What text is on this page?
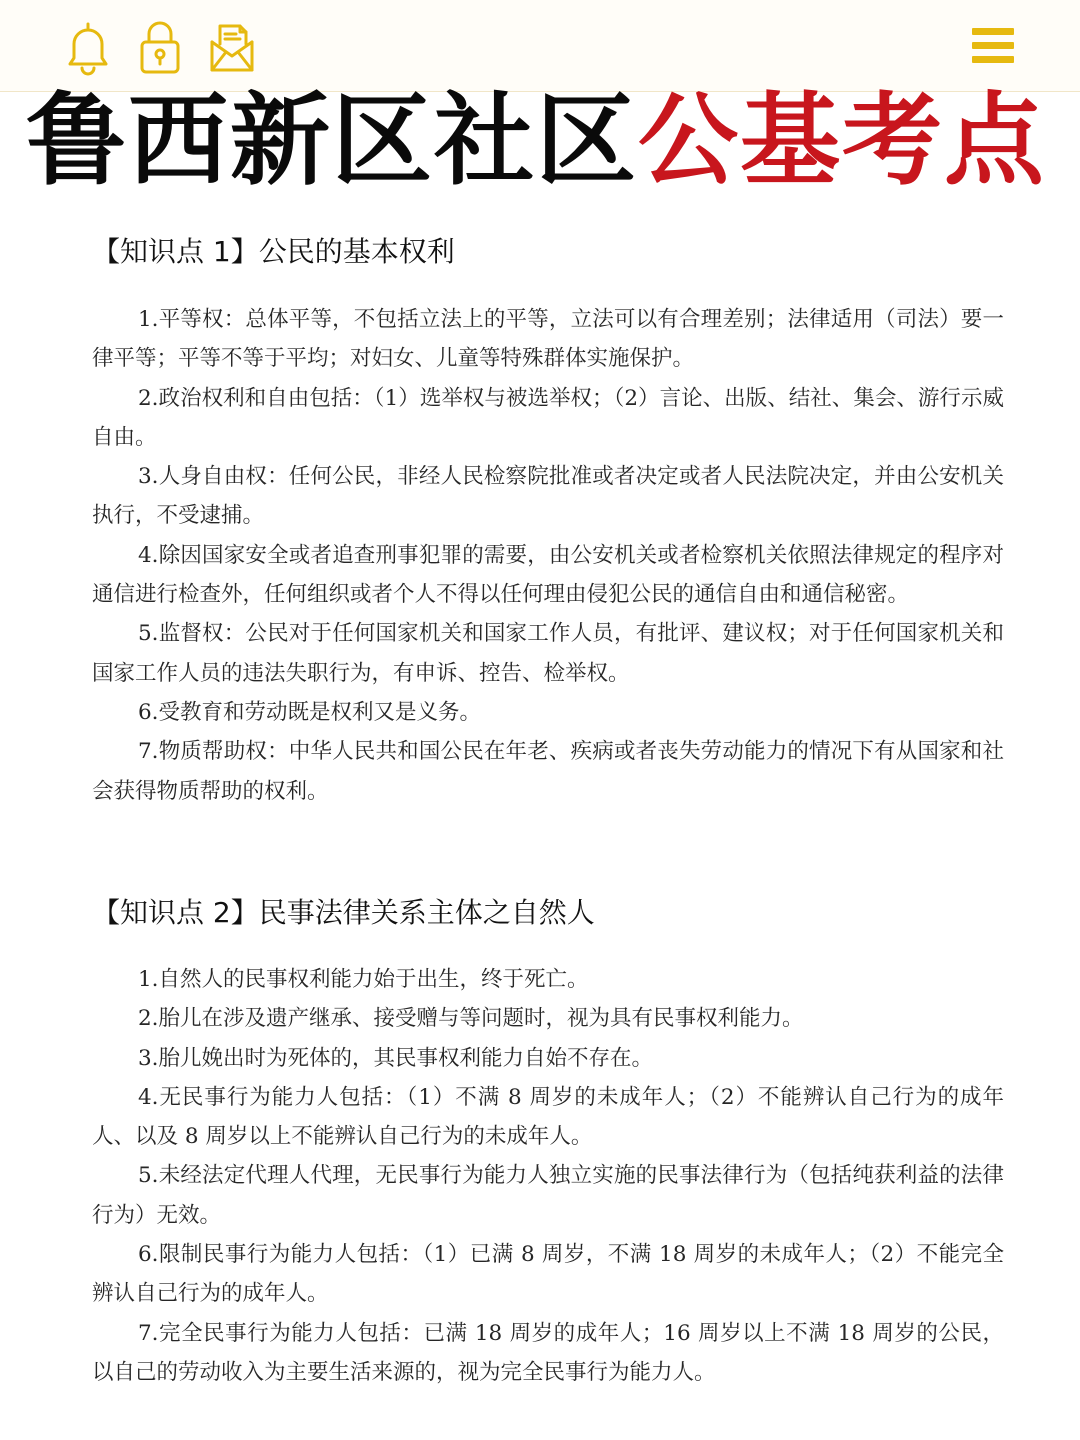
鲁西新区社区公基考点
【知识点 1】公民的基本权利

1.平等权：总体平等，不包括立法上的平等，立法可以有合理差别；法律适用（司法）要一律平等；平等不等于平均；对妇女、儿童等特殊群体实施保护。

2.政治权利和自由包括：（1）选举权与被选举权；（2）言论、出版、结社、集会、游行示威自由。

3.人身自由权：任何公民，非经人民检察院批准或者决定或者人民法院决定，并由公安机关执行，不受逮捕。

4.除因国家安全或者追查刑事犯罪的需要，由公安机关或者检察机关依照法律规定的程序对通信进行检查外，任何组织或者个人不得以任何理由侵犯公民的通信自由和通信秘密。

5.监督权：公民对于任何国家机关和国家工作人员，有批评、建议权；对于任何国家机关和国家工作人员的违法失职行为，有申诉、控告、检举权。

6.受教育和劳动既是权利又是义务。

7.物质帮助权：中华人民共和国公民在年老、疾病或者丧失劳动能力的情况下有从国家和社会获得物质帮助的权利。

【知识点 2】民事法律关系主体之自然人

1.自然人的民事权利能力始于出生，终于死亡。

2.胎儿在涉及遗产继承、接受赠与等问题时，视为具有民事权利能力。

3.胎儿娩出时为死体的，其民事权利能力自始不存在。

4.无民事行为能力人包括：（1）不满 8 周岁的未成年人；（2）不能辨认自己行为的成年人、以及 8 周岁以上不能辨认自己行为的未成年人。

5.未经法定代理人代理，无民事行为能力人独立实施的民事法律行为（包括纯获利益的法律行为）无效。

6.限制民事行为能力人包括：（1）已满 8 周岁，不满 18 周岁的未成年人；（2）不能完全辨认自己行为的成年人。

7.完全民事行为能力人包括：已满 18 周岁的成年人；16 周岁以上不满 18 周岁的公民，以自己的劳动收入为主要生活来源的，视为完全民事行为能力人。
